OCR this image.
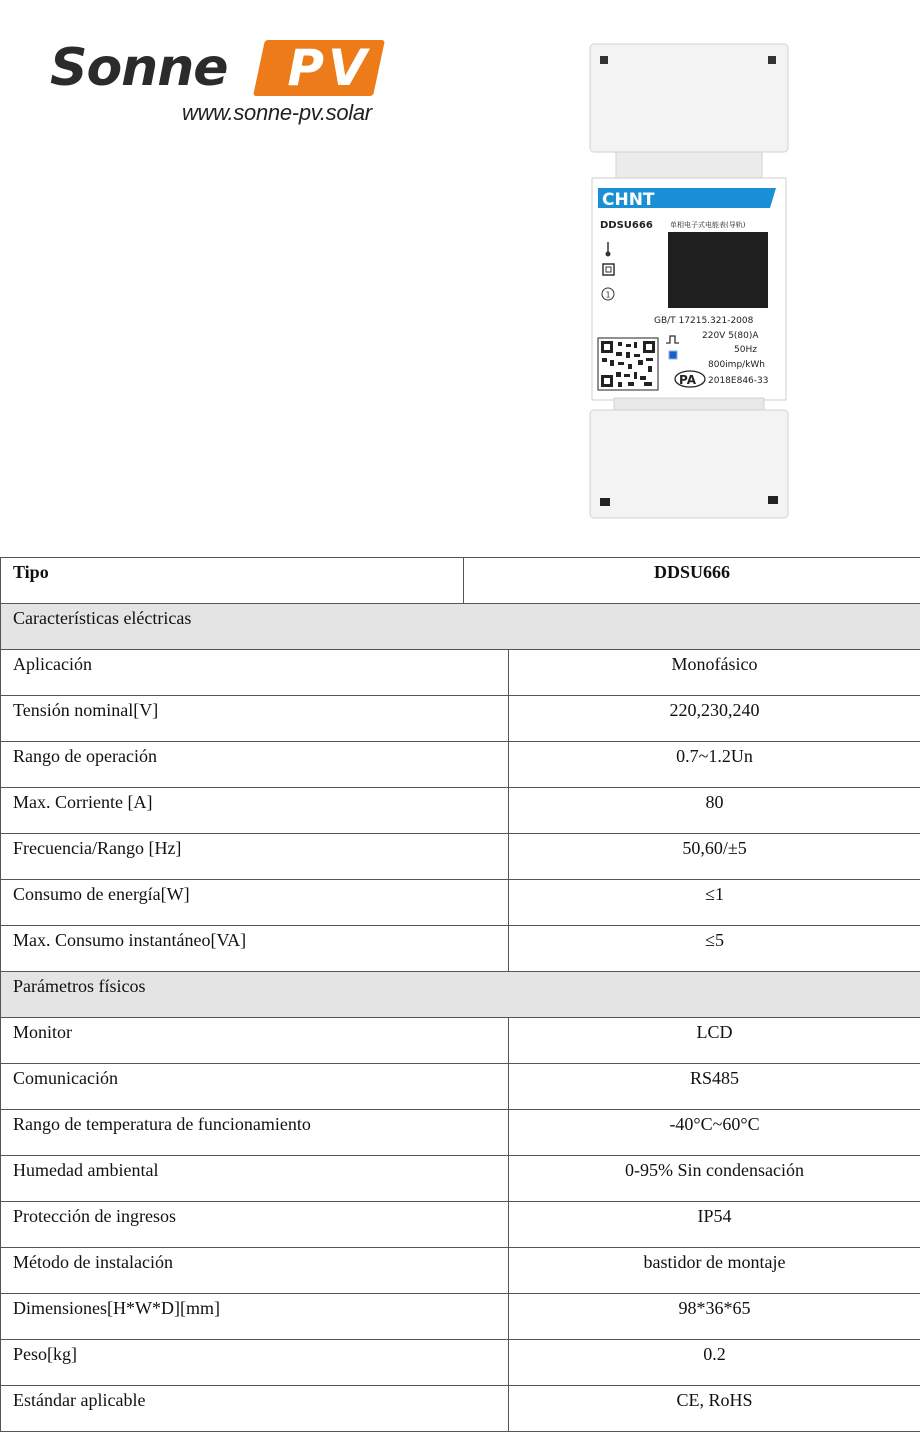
Sonne PV
www.sonne-pv.solar
CHNT
DDSU666 单相电子式电能表(导轨)
1
GB/T 17215.321-2008
220V 5(80)A
50Hz
800imp/kWh
2018E846-33
PA
Tipo	DDSU666	
Características eléctricas		
Aplicación		Monofásico
Tensión nominal[V]		220,230,240
Rango de operación		0.7~1.2Un
Max. Corriente [A]		80
Frecuencia/Rango [Hz]		50,60/±5
Consumo de energía[W]		≤1
Max. Consumo instantáneo[VA]		≤5
Parámetros físicos		
Monitor		LCD
Comunicación		RS485
Rango de temperatura de funcionamiento		-40°C~60°C
Humedad ambiental		0-95% Sin condensación
Protección de ingresos		IP54
Método de instalación		bastidor de montaje
Dimensiones[H*W*D][mm]		98*36*65
Peso[kg]		0.2
Estándar aplicable		CE, RoHS
